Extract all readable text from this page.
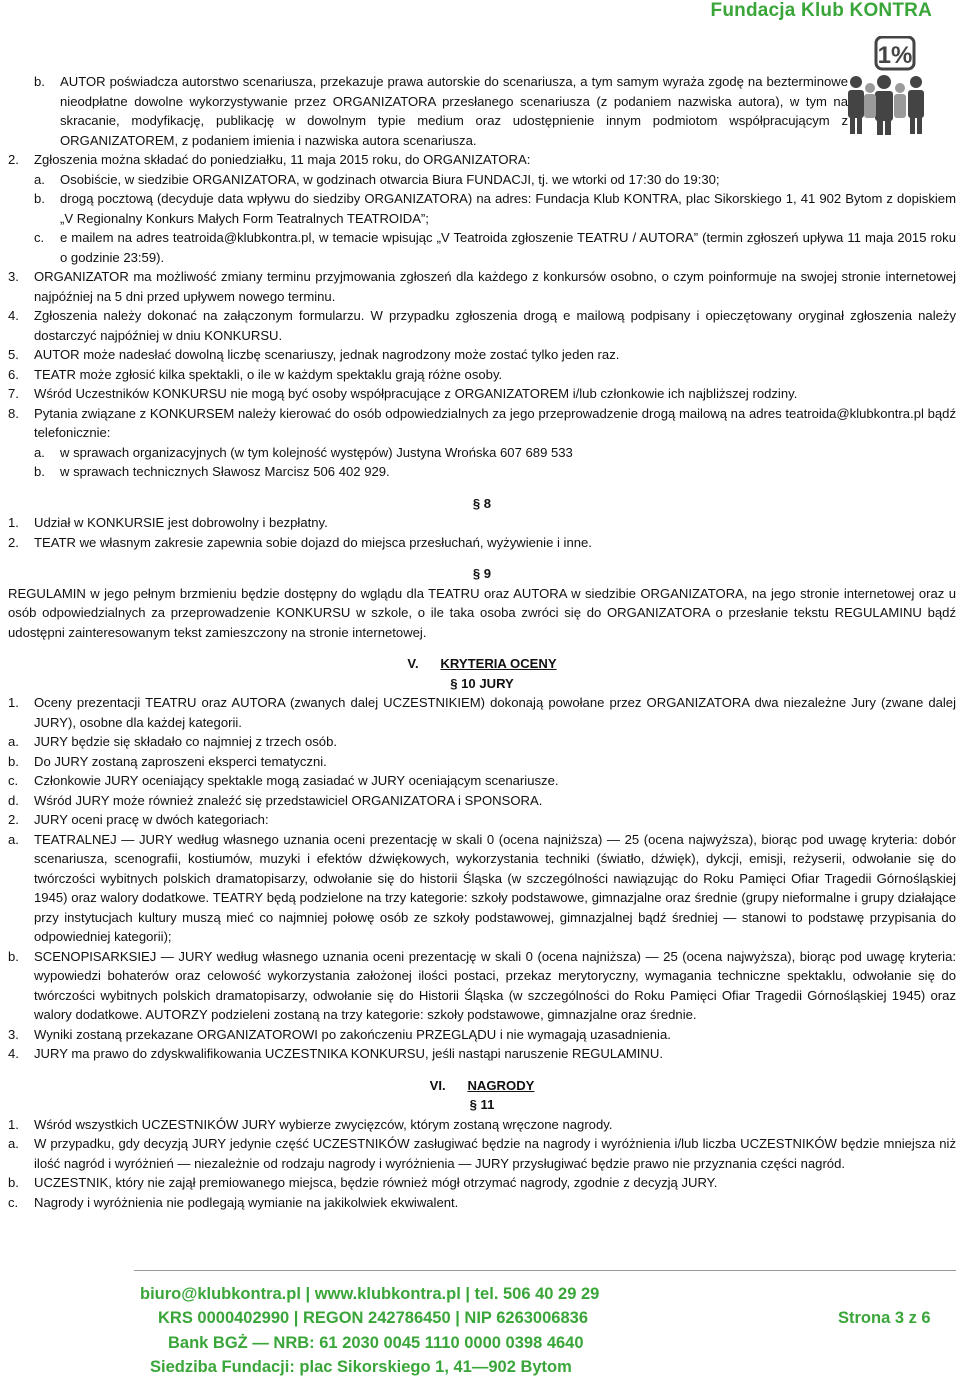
Fundacja Klub KONTRA
1%
b.	AUTOR poświadcza autorstwo scenariusza, przekazuje prawa autorskie do scenariusza, a tym samym wyraża zgodę na bezterminowe nieodpłatne dowolne wykorzystywanie przez ORGANIZATORA przesłanego scenariusza (z podaniem nazwiska autora), w tym na skracanie, modyfikację, publikację w dowolnym typie medium oraz udostępnienie innym podmiotom współpracującym z ORGANIZATOREM, z podaniem imienia i nazwiska autora scenariusza.
2.	Zgłoszenia można składać do poniedziałku, 11 maja 2015 roku, do ORGANIZATORA:
a.	Osobiście, w siedzibie ORGANIZATORA, w godzinach otwarcia Biura FUNDACJI, tj. we wtorki od 17:30 do 19:30;
b.	drogą pocztową (decyduje data wpływu do siedziby ORGANIZATORA) na adres: Fundacja Klub KONTRA, plac Sikorskiego 1, 41 902 Bytom z dopiskiem „V Regionalny Konkurs Małych Form Teatralnych TEATROIDA”;
c.	e mailem na adres teatroida@klubkontra.pl, w temacie wpisując „V Teatroida zgłoszenie TEATRU / AUTORA” (termin zgłoszeń upływa 11 maja 2015 roku o godzinie 23:59).
3.	ORGANIZATOR ma możliwość zmiany terminu przyjmowania zgłoszeń dla każdego z konkursów osobno, o czym poinformuje na swojej stronie internetowej najpóźniej na 5 dni przed upływem nowego terminu.
4.	Zgłoszenia należy dokonać na załączonym formularzu. W przypadku zgłoszenia drogą e mailową podpisany i opieczętowany oryginał zgłoszenia należy dostarczyć najpóźniej w dniu KONKURSU.
5.	AUTOR może nadesłać dowolną liczbę scenariuszy, jednak nagrodzony może zostać tylko jeden raz.
6.	TEATR może zgłosić kilka spektakli, o ile w każdym spektaklu grają różne osoby.
7.	Wśród Uczestników KONKURSU nie mogą być osoby współpracujące z ORGANIZATOREM i/lub członkowie ich najbliższej rodziny.
8.	Pytania związane z KONKURSEM należy kierować do osób odpowiedzialnych za jego przeprowadzenie drogą mailową na adres teatroida@klubkontra.pl bądź telefonicznie:
a.	w sprawach organizacyjnych (w tym kolejność występów) Justyna Wrońska 607 689 533
b.	w sprawach technicznych Sławosz Marcisz 506 402 929.
§ 8
1.	Udział w KONKURSIE jest dobrowolny i bezpłatny.
2.	TEATR we własnym zakresie zapewnia sobie dojazd do miejsca przesłuchań, wyżywienie i inne.
§ 9
REGULAMIN w jego pełnym brzmieniu będzie dostępny do wglądu dla TEATRU oraz AUTORA w siedzibie ORGANIZATORA, na jego stronie internetowej oraz u osób odpowiedzialnych za przeprowadzenie KONKURSU w szkole, o ile taka osoba zwróci się do ORGANIZATORA o przesłanie tekstu REGULAMINU bądź udostępni zainteresowanym tekst zamieszczony na stronie internetowej.
V. KRYTERIA OCENY
§ 10 JURY
1.	Oceny prezentacji TEATRU oraz AUTORA (zwanych dalej UCZESTNIKIEM) dokonają powołane przez ORGANIZATORA dwa niezależne Jury (zwane dalej JURY), osobne dla każdej kategorii.
a.	JURY będzie się składało co najmniej z trzech osób.
b.	Do JURY zostaną zaproszeni eksperci tematyczni.
c.	Członkowie JURY oceniający spektakle mogą zasiadać w JURY oceniającym scenariusze.
d.	Wśród JURY może również znaleźć się przedstawiciel ORGANIZATORA i SPONSORA.
2.	JURY oceni pracę w dwóch kategoriach:
a.	TEATRALNEJ — JURY według własnego uznania oceni prezentację w skali 0 (ocena najniższa) — 25 (ocena najwyższa), biorąc pod uwagę kryteria: dobór scenariusza, scenografii, kostiumów, muzyki i efektów dźwiękowych, wykorzystania techniki (światło, dźwięk), dykcji, emisji, reżyserii, odwołanie się do twórczości wybitnych polskich dramatopisarzy, odwołanie się do historii Śląska (w szczególności nawiązując do Roku Pamięci Ofiar Tragedii Górnośląskiej 1945) oraz walory dodatkowe. TEATRY będą podzielone na trzy kategorie: szkoły podstawowe, gimnazjalne oraz średnie (grupy nieformalne i grupy działające przy instytucjach kultury muszą mieć co najmniej połowę osób ze szkoły podstawowej, gimnazjalnej bądź średniej — stanowi to podstawę przypisania do odpowiedniej kategorii);
b.	SCENOPISARKSIEJ — JURY według własnego uznania oceni prezentację w skali 0 (ocena najniższa) — 25 (ocena najwyższa), biorąc pod uwagę kryteria: wypowiedzi bohaterów oraz celowość wykorzystania założonej ilości postaci, przekaz merytoryczny, wymagania techniczne spektaklu, odwołanie się do twórczości wybitnych polskich dramatopisarzy, odwołanie się do Historii Śląska (w szczególności do Roku Pamięci Ofiar Tragedii Górnośląskiej 1945) oraz walory dodatkowe. AUTORZY podzieleni zostaną na trzy kategorie: szkoły podstawowe, gimnazjalne oraz średnie.
3.	Wyniki zostaną przekazane ORGANIZATOROWI po zakończeniu PRZEGLĄDU i nie wymagają uzasadnienia.
4.	JURY ma prawo do zdyskwalifikowania UCZESTNIKA KONKURSU, jeśli nastąpi naruszenie REGULAMINU.
VI. NAGRODY
§ 11
1.	Wśród wszystkich UCZESTNIKÓW JURY wybierze zwycięzców, którym zostaną wręczone nagrody.
a.	W przypadku, gdy decyzją JURY jedynie część UCZESTNIKÓW zasługiwać będzie na nagrody i wyróżnienia i/lub liczba UCZESTNIKÓW będzie mniejsza niż ilość nagród i wyróżnień — niezależnie od rodzaju nagrody i wyróżnienia — JURY przysługiwać będzie prawo nie przyznania części nagród.
b.	UCZESTNIK, który nie zajął premiowanego miejsca, będzie również mógł otrzymać nagrody, zgodnie z decyzją JURY.
c.	Nagrody i wyróżnienia nie podlegają wymianie na jakikolwiek ekwiwalent.
biuro@klubkontra.pl | www.klubkontra.pl | tel. 506 40 29 29
KRS 0000402990 | REGON 242786450 | NIP 6263006836	Strona 3 z 6
Bank BGŻ — NRB: 61 2030 0045 1110 0000 0398 4640
Siedziba Fundacji: plac Sikorskiego 1, 41—902 Bytom
